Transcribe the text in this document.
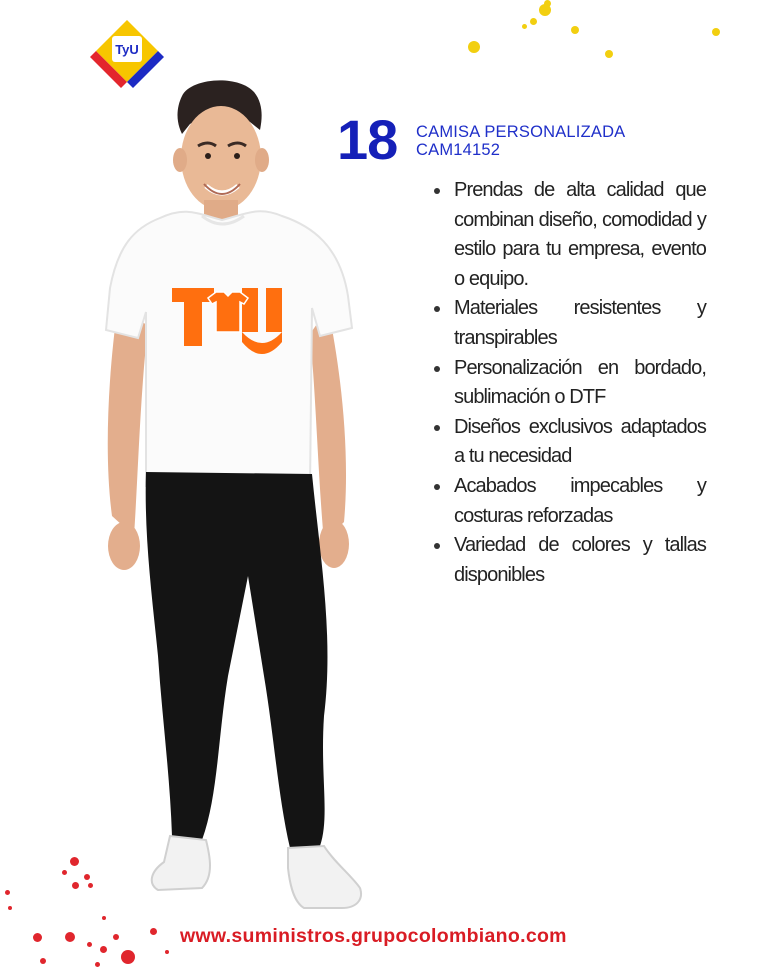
TyU
18 CAMISA PERSONALIZADA
CAM14152
Prendas de alta calidad que combinan diseño, comodidad y estilo para tu empresa, evento o equipo.
Materiales resistentes y transpirables
Personalización en bordado, sublimación o DTF
Diseños exclusivos adaptados a tu necesidad
Acabados impecables y costuras reforzadas
Variedad de colores y tallas disponibles
www.suministros.grupocolombiano.com
